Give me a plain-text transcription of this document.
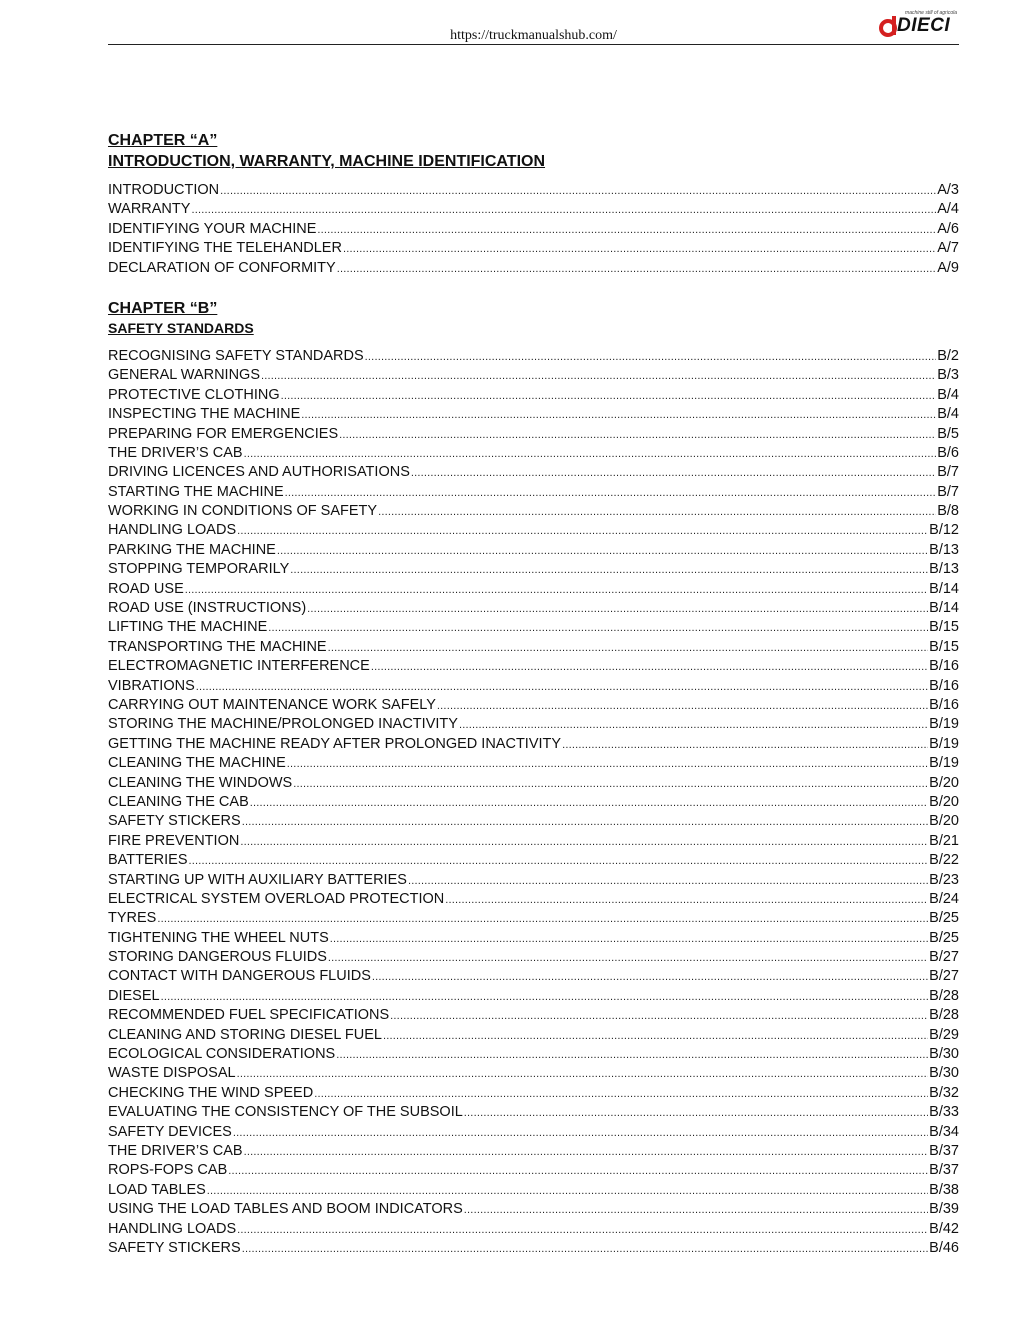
https://truckmanualshub.com/
machine still of agricola
DIECI
CHAPTER “A”
INTRODUCTION, WARRANTY, MACHINE IDENTIFICATION
INTRODUCTION .....	A/3
WARRANTY .....	A/4
IDENTIFYING YOUR MACHINE .....	A/6
IDENTIFYING THE TELEHANDLER .....	A/7
DECLARATION OF CONFORMITY .....	A/9
CHAPTER “B”
SAFETY STANDARDS
RECOGNISING SAFETY STANDARDS .....	B/2
GENERAL WARNINGS .....	B/3
PROTECTIVE CLOTHING .....	B/4
INSPECTING THE MACHINE .....	B/4
PREPARING FOR EMERGENCIES .....	B/5
THE DRIVER’S CAB .....	B/6
DRIVING LICENCES AND AUTHORISATIONS .....	B/7
STARTING THE MACHINE .....	B/7
WORKING IN CONDITIONS OF SAFETY .....	B/8
HANDLING LOADS .....	B/12
PARKING THE MACHINE .....	B/13
STOPPING TEMPORARILY .....	B/13
ROAD USE .....	B/14
ROAD USE (INSTRUCTIONS) .....	B/14
LIFTING THE MACHINE .....	B/15
TRANSPORTING THE MACHINE .....	B/15
ELECTROMAGNETIC INTERFERENCE .....	B/16
VIBRATIONS .....	B/16
CARRYING OUT MAINTENANCE WORK SAFELY .....	B/16
STORING THE MACHINE/PROLONGED INACTIVITY .....	B/19
GETTING THE MACHINE READY AFTER PROLONGED INACTIVITY .....	B/19
CLEANING THE MACHINE .....	B/19
CLEANING THE WINDOWS .....	B/20
CLEANING THE CAB .....	B/20
SAFETY STICKERS .....	B/20
FIRE PREVENTION .....	B/21
BATTERIES .....	B/22
STARTING UP WITH AUXILIARY BATTERIES .....	B/23
ELECTRICAL SYSTEM OVERLOAD PROTECTION .....	B/24
TYRES .....	B/25
TIGHTENING THE WHEEL NUTS .....	B/25
STORING DANGEROUS FLUIDS .....	B/27
CONTACT WITH DANGEROUS FLUIDS .....	B/27
DIESEL .....	B/28
RECOMMENDED FUEL SPECIFICATIONS .....	B/28
CLEANING AND STORING DIESEL FUEL .....	B/29
ECOLOGICAL CONSIDERATIONS .....	B/30
WASTE DISPOSAL .....	B/30
CHECKING THE WIND SPEED .....	B/32
EVALUATING THE CONSISTENCY OF THE SUBSOIL .....	B/33
SAFETY DEVICES .....	B/34
THE DRIVER’S CAB .....	B/37
ROPS-FOPS CAB .....	B/37
LOAD TABLES .....	B/38
USING THE LOAD TABLES AND BOOM INDICATORS .....	B/39
HANDLING LOADS .....	B/42
SAFETY STICKERS .....	B/46
